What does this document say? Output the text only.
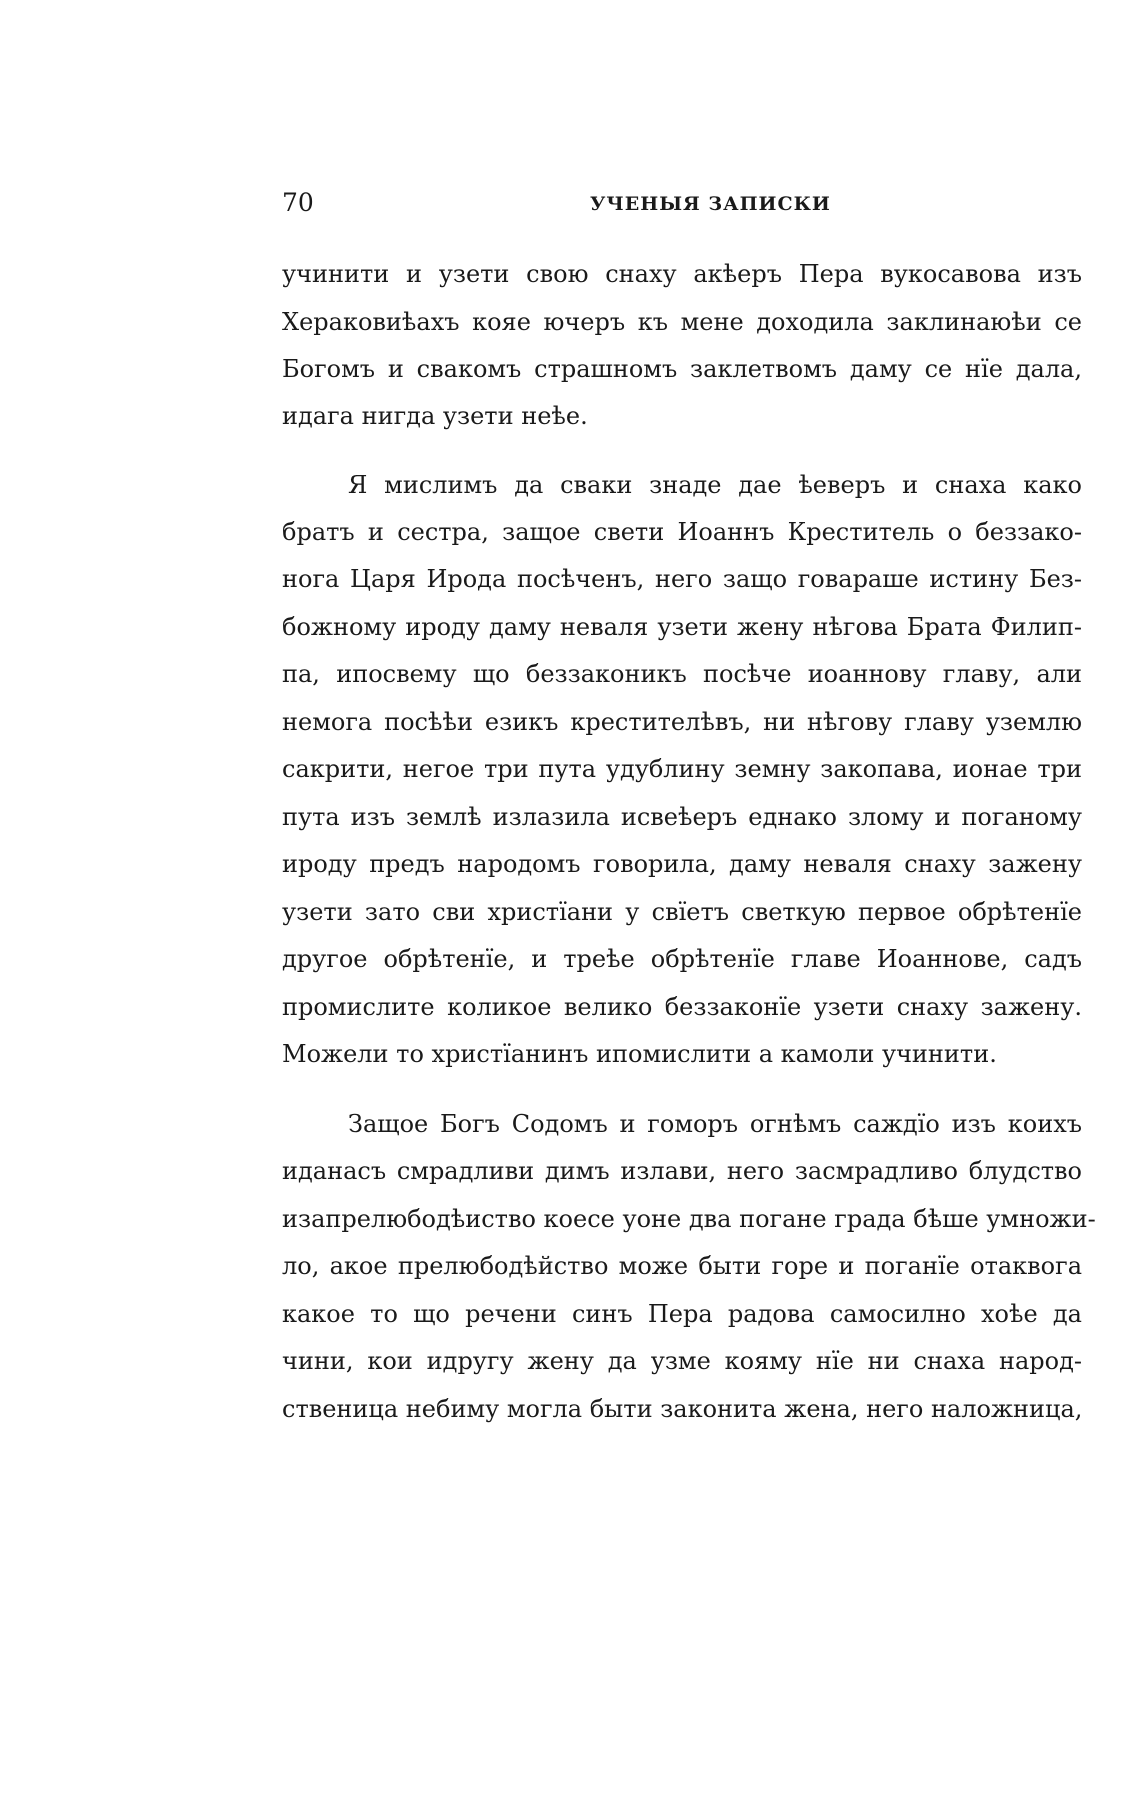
70	УЧЕНЫЯ ЗАПИСКИ

учинити и узети свою снаху акѣеръ Пера вукосавова изъ

Хераковиѣахъ кояе ючеръ къ мене доходила заклинаюѣи се

Богомъ и свакомъ страшномъ заклетвомъ даму се нїе дала,

идага нигда узети неѣе.

Я мислимъ да сваки знаде дае ѣеверъ и снаха како

братъ и сестра, защое свети Иоаннъ Креститель о беззако-

нога Царя Ирода посѣченъ, него защо говараше истину Без-

божному ироду даму неваля узети жену нѣгова Брата Филип-

па, ипосвему що беззаконикъ посѣче иоаннову главу, али

немога посѣѣи езикъ крестителѣвъ, ни нѣгову главу уземлю

сакрити, негое три пута удублину земну закопава, ионае три

пута изъ землѣ излазила исвеѣеръ еднако злому и поганому

ироду предъ народомъ говорила, даму неваля снаху зажену

узети зато сви христїани у свїетъ светкую первое обрѣтенїе

другое обрѣтенїе, и треѣе обрѣтенїе главе Иоаннове, садъ

промислите коликое велико беззаконїе узети снаху зажену.

Можели то христїанинъ ипомислити а камоли учинити.

Защое Богъ Содомъ и гоморъ огнѣмъ саждїо изъ коихъ

иданасъ смрадливи димъ излави, него засмрадливо блудство

изапрелюбодѣиство коесе уоне два погане града бѣше умножи-

ло, акое прелюбодѣйство може быти горе и поганїе отаквога

какое то що речени синъ Пера радова самосилно хоѣе да

чини, кои идругу жену да узме кояму нїе ни снаха народ-

ственица небиму могла быти законита жена, него наложница,
